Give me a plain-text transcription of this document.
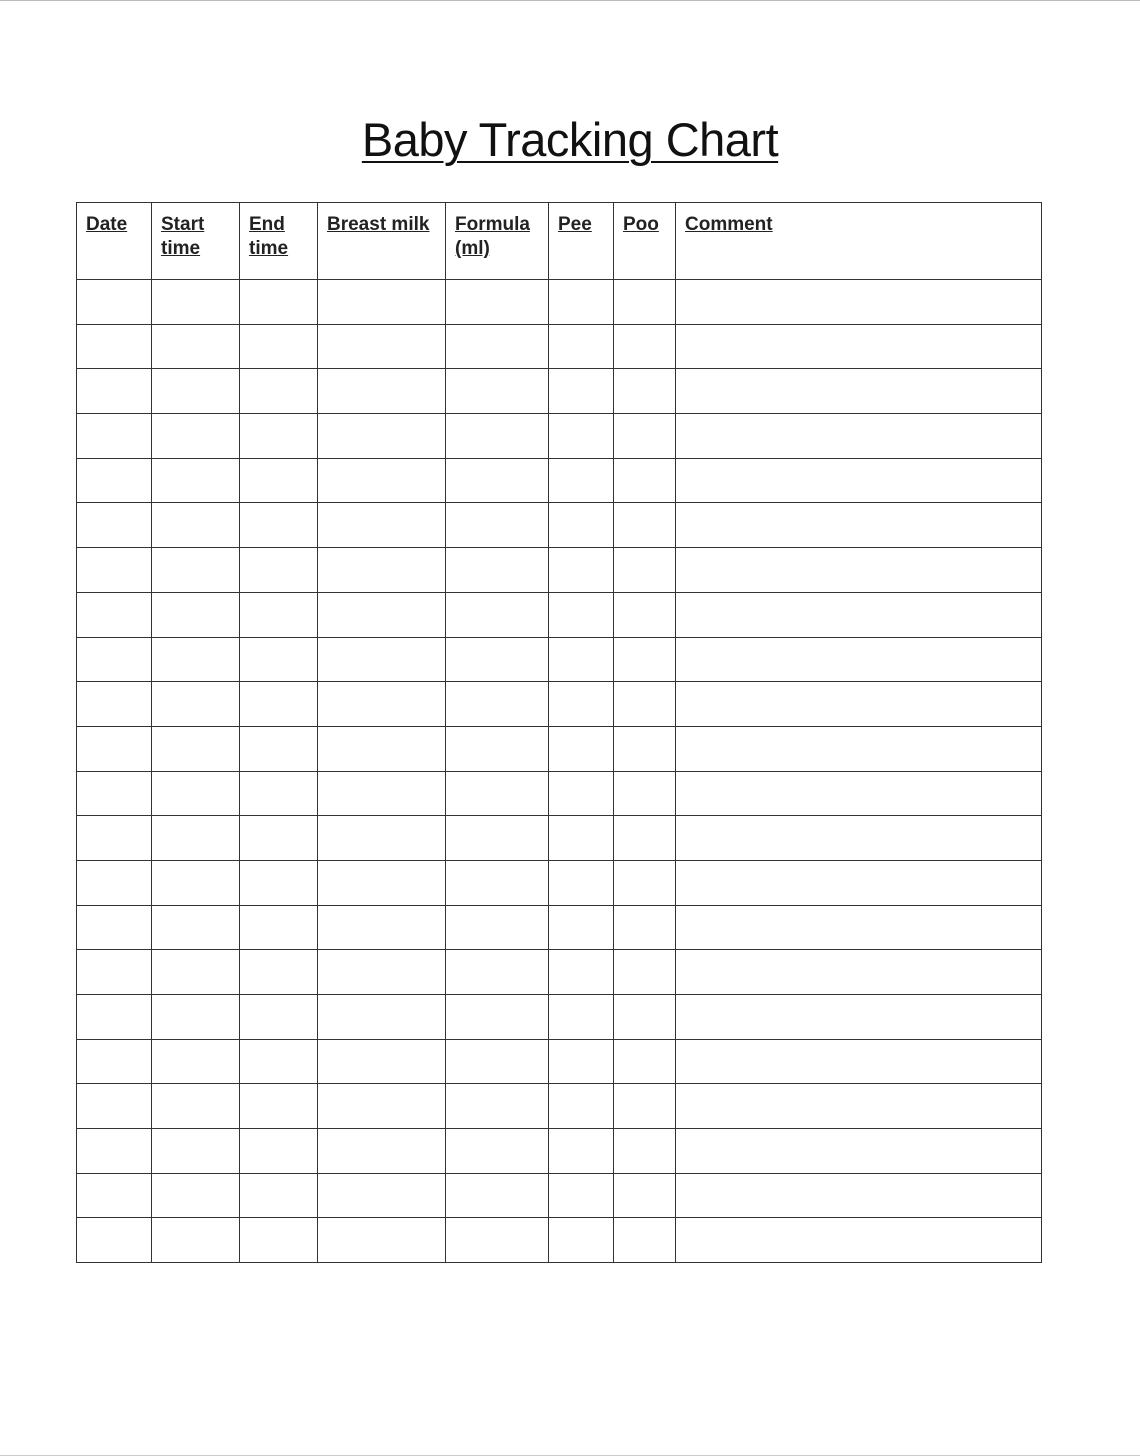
Baby Tracking Chart
Date	Start time	End time	Breast milk	Formula (ml)	Pee	Poo	Comment
